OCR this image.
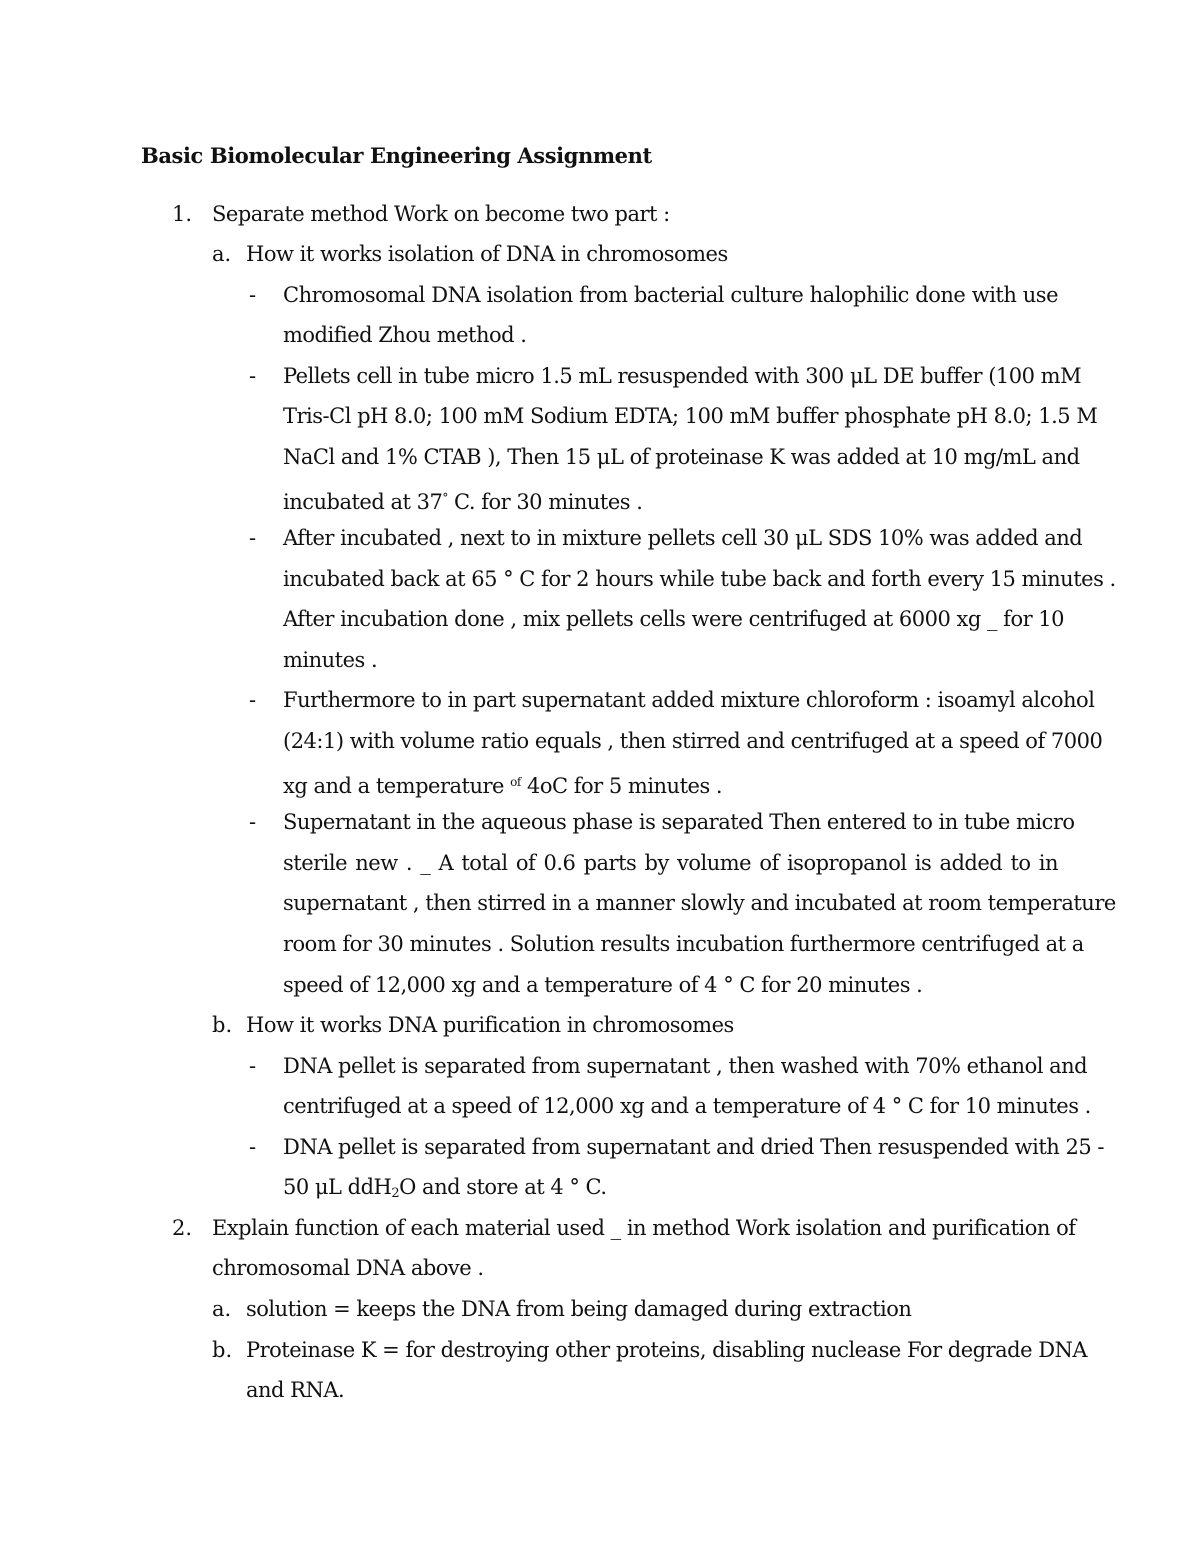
Basic Biomolecular Engineering Assignment
1. Separate method Work on become two part :
a. How it works isolation of DNA in chromosomes
- Chromosomal DNA isolation from bacterial culture halophilic done with use
modified Zhou method .
- Pellets cell in tube micro 1.5 mL resuspended with 300 μL DE buffer (100 mM
Tris-Cl pH 8.0; 100 mM Sodium EDTA; 100 mM buffer phosphate pH 8.0; 1.5 M
NaCl and 1% CTAB ), Then 15 μL of proteinase K was added at 10 mg/mL and
incubated at 37° C. for 30 minutes .
- After incubated , next to in mixture pellets cell 30 μL SDS 10% was added and
incubated back at 65 ° C for 2 hours while tube back and forth every 15 minutes .
After incubation done , mix pellets cells were centrifuged at 6000 xg _ for 10
minutes .
- Furthermore to in part supernatant added mixture chloroform : isoamyl alcohol
(24:1) with volume ratio equals , then stirred and centrifuged at a speed of 7000
xg and a temperature $^{of}$ 4oC for 5 minutes .
- Supernatant in the aqueous phase is separated Then entered to in tube micro
sterile new . _ A total of 0.6 parts by volume of isopropanol is added to in
supernatant , then stirred in a manner slowly and incubated at room temperature
room for 30 minutes . Solution results incubation furthermore centrifuged at a
speed of 12,000 xg and a temperature of 4 ° C for 20 minutes .
b. How it works DNA purification in chromosomes
- DNA pellet is separated from supernatant , then washed with 70% ethanol and
centrifuged at a speed of 12,000 xg and a temperature of 4 ° C for 10 minutes .
- DNA pellet is separated from supernatant and dried Then resuspended with 25 -
50 μL ddH$_2$O and store at 4 ° C.
2. Explain function of each material used _ in method Work isolation and purification of
chromosomal DNA above .
a. solution = keeps the DNA from being damaged during extraction
b. Proteinase K = for destroying other proteins, disabling nuclease For degrade DNA
and RNA.
